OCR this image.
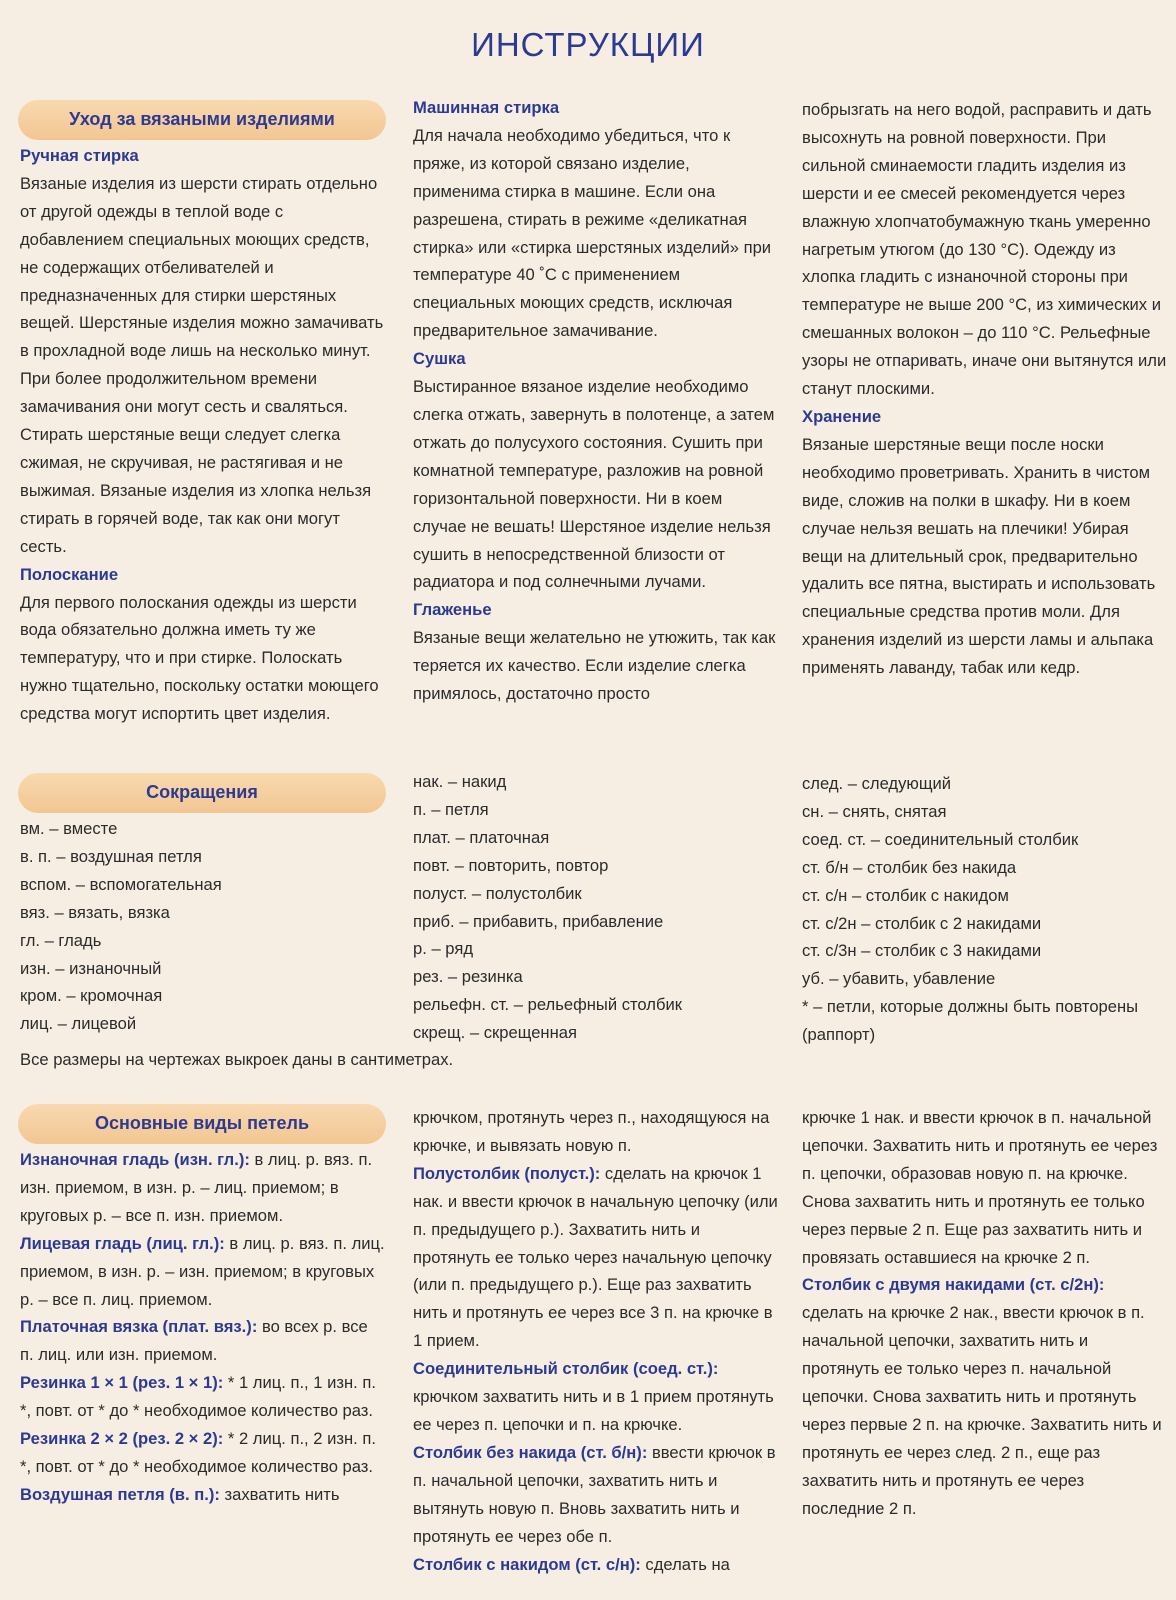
ИНСТРУКЦИИ
Уход за вязаными изделиями
Ручная стирка

Вязаные изделия из шерсти стирать отдельно от другой одежды в теплой воде с добавлением специальных моющих средств, не содержащих отбеливателей и предназначенных для стирки шерстяных вещей. Шерстяные изделия можно замачивать в прохладной воде лишь на несколько минут. При более продолжительном времени замачивания они могут сесть и свалятьcя. Стирать шерстяные вещи следует слегка сжимая, не скручивая, не растягивая и не выжимая. Вязаные изделия из хлопка нельзя стирать в горячей воде, так как они могут сесть.

Полоскание

Для первого полоскания одежды из шерсти вода обязательно должна иметь ту же температуру, что и при стирке. Полоскать нужно тщательно, поскольку остатки моющего средства могут испортить цвет изделия.

Машинная стирка

Для начала необходимо убедиться, что к пряже, из которой связано изделие, применима стирка в машине. Если она разрешена, стирать в режиме «деликатная стирка» или «стирка шерстяных изделий» при температуре 40 ˚С с применением специальных моющих средств, исключая предварительное замачивание.

Сушка

Выстиранное вязаное изделие необходимо слегка отжать, завернуть в полотенце, а затем отжать до полусухого состояния. Сушить при комнатной температуре, разложив на ровной горизонтальной поверхности. Ни в коем случае не вешать! Шерстяное изделие нельзя сушить в непосредственной близости от радиатора и под солнечными лучами.

Глаженье

Вязаные вещи желательно не утюжить, так как теряется их качество. Если изделие слегка примялось, достаточно просто

побрызгать на него водой, расправить и дать высохнуть на ровной поверхности. При сильной сминаемости гладить изделия из шерсти и ее смесей рекомендуется через влажную хлопчатобумажную ткань умеренно нагретым утюгом (до 130 °С). Одежду из хлопка гладить с изнаночной стороны при температуре не выше 200 °С, из химических и смешанных волокон – до 110 °С. Рельефные узоры не отпаривать, иначе они вытянутся или станут плоскими.

Хранение

Вязаные шерстяные вещи после носки необходимо проветривать. Хранить в чистом виде, сложив на полки в шкафу. Ни в коем случае нельзя вешать на плечики! Убирая вещи на длительный срок, предварительно удалить все пятна, выстирать и использовать специальные средства против моли. Для хранения изделий из шерсти ламы и альпака применять лаванду, табак или кедр.

Сокращения
вм. – вместе
в. п. – воздушная петля
вспом. – вспомогательная
вяз. – вязать, вязка
гл. – гладь
изн. – изнаночный
кром. – кромочная
лиц. – лицевой
нак. – накид
п. – петля
плат. – платочная
повт. – повторить, повтор
полуст. – полустолбик
приб. – прибавить, прибавление
р. – ряд
рез. – резинка
рельефн. ст. – рельефный столбик
скрещ. – скрещенная
след. – следующий
сн. – снять, снятая
соед. ст. – соединительный столбик
ст. б/н – столбик без накида
ст. с/н – столбик с накидом
ст. с/2н – столбик с 2 накидами
ст. с/3н – столбик с 3 накидами
уб. – убавить, убавление
* – петли, которые должны быть повторены
(раппорт)
Все размеры на чертежах выкроек даны в сантиметрах.
Основные виды петель

Изнаночная гладь (изн. гл.): в лиц. р. вяз. п. изн. приемом, в изн. р. – лиц. приемом; в круговых р. – все п. изн. приемом.

Лицевая гладь (лиц. гл.): в лиц. р. вяз. п. лиц. приемом, в изн. р. – изн. приемом; в круговых р. – все п. лиц. приемом.

Платочная вязка (плат. вяз.): во всех р. все п. лиц. или изн. приемом.

Резинка 1 × 1 (рез. 1 × 1): * 1 лиц. п., 1 изн. п. *, повт. от * до * необходимое количество раз.

Резинка 2 × 2 (рез. 2 × 2): * 2 лиц. п., 2 изн. п. *, повт. от * до * необходимое количество раз.

Воздушная петля (в. п.): захватить нить

крючком, протянуть через п., находящуюся на крючке, и вывязать новую п.

Полустолбик (полуст.): сделать на крючок 1 нак. и ввести крючок в начальную цепочку (или п. предыдущего р.). Захватить нить и протянуть ее только через начальную цепочку (или п. предыдущего р.). Еще раз захватить нить и протянуть ее через все 3 п. на крючке в 1 прием.

Соединительный столбик (соед. ст.): крючком захватить нить и в 1 прием протянуть ее через п. цепочки и п. на крючке.

Столбик без накида (ст. б/н): ввести крючок в п. начальной цепочки, захватить нить и вытянуть новую п. Вновь захватить нить и протянуть ее через обе п.

Столбик с накидом (ст. с/н): сделать на

крючке 1 нак. и ввести крючок в п. начальной цепочки. Захватить нить и протянуть ее через п. цепочки, образовав новую п. на крючке. Снова захватить нить и протянуть ее только через первые 2 п. Еще раз захватить нить и провязать оставшиеся на крючке 2 п.

Столбик с двумя накидами (ст. с/2н): сделать на крючке 2 нак., ввести крючок в п. начальной цепочки, захватить нить и протянуть ее только через п. начальной цепочки. Снова захватить нить и протянуть через первые 2 п. на крючке. Захватить нить и протянуть ее через след. 2 п., еще раз захватить нить и протянуть ее через последние 2 п.
